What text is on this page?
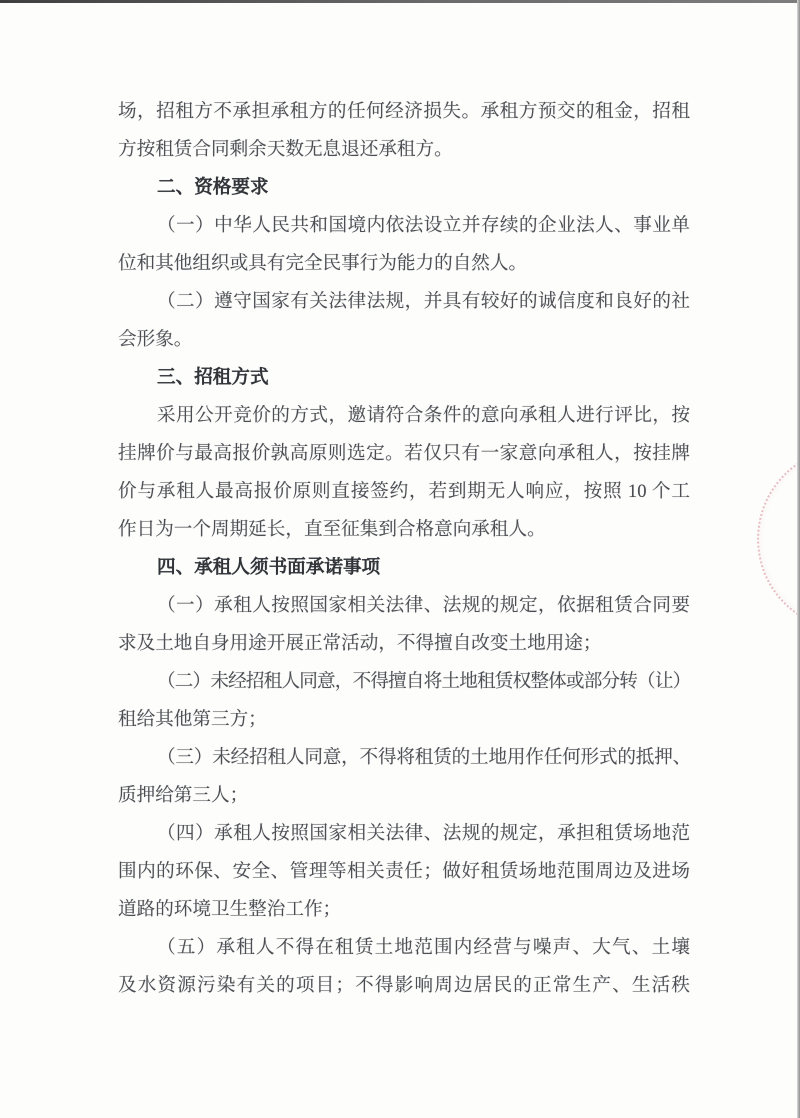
场，招租方不承担承租方的任何经济损失。承租方预交的租金，招租
方按租赁合同剩余天数无息退还承租方。
二、资格要求
（一）中华人民共和国境内依法设立并存续的企业法人、事业单
位和其他组织或具有完全民事行为能力的自然人。
（二）遵守国家有关法律法规，并具有较好的诚信度和良好的社
会形象。
三、招租方式
采用公开竞价的方式，邀请符合条件的意向承租人进行评比，按
挂牌价与最高报价孰高原则选定。若仅只有一家意向承租人，按挂牌
价与承租人最高报价原则直接签约，若到期无人响应，按照 10 个工
作日为一个周期延长，直至征集到合格意向承租人。
四、承租人须书面承诺事项
（一）承租人按照国家相关法律、法规的规定，依据租赁合同要
求及土地自身用途开展正常活动，不得擅自改变土地用途；
（二）未经招租人同意，不得擅自将土地租赁权整体或部分转（让）
租给其他第三方；
（三）未经招租人同意，不得将租赁的土地用作任何形式的抵押、
质押给第三人；
（四）承租人按照国家相关法律、法规的规定，承担租赁场地范
围内的环保、安全、管理等相关责任；做好租赁场地范围周边及进场
道路的环境卫生整治工作；
（五）承租人不得在租赁土地范围内经营与噪声、大气、土壤
及水资源污染有关的项目；不得影响周边居民的正常生产、生活秩
